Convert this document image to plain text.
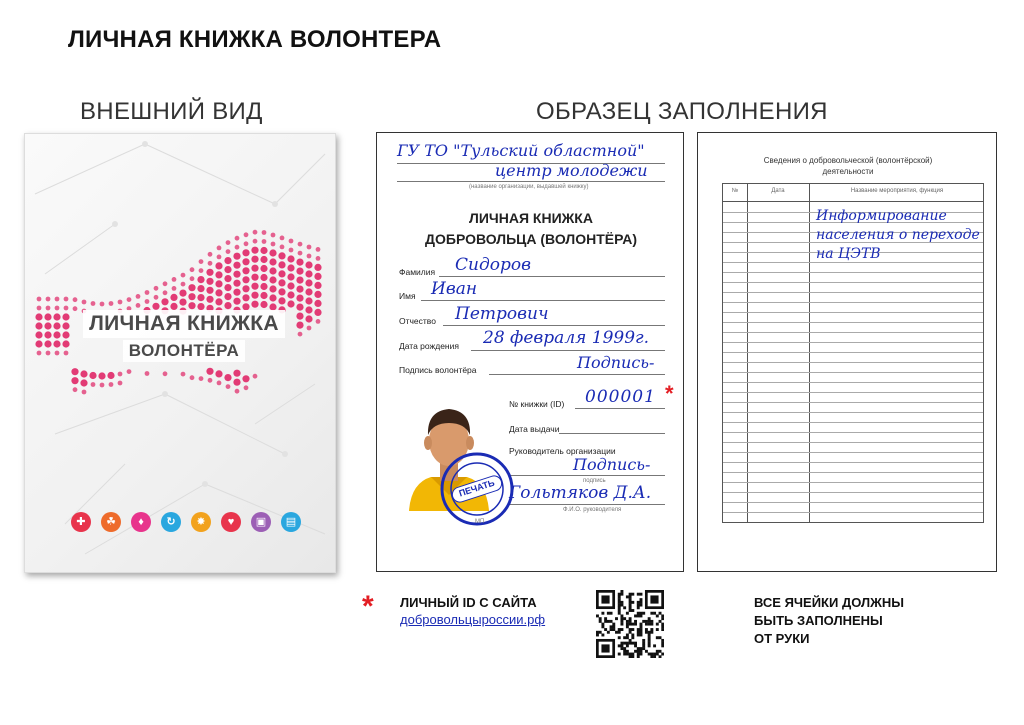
ЛИЧНАЯ КНИЖКА ВОЛОНТЕРА
ВНЕШНИЙ ВИД	ОБРАЗЕЦ ЗАПОЛНЕНИЯ
ЛИЧНАЯ КНИЖКА
ВОЛОНТЁРА
✚	☘	♦	↻	✸	♥	▣	▤
ГУ ТО "Тульский областной"
центр молодежи
(название организации, выдавшей книжку)
ЛИЧНАЯ КНИЖКА
ДОБРОВОЛЬЦА (ВОЛОНТЁРА)
Фамилия Сидоров
Имя Иван
Отчество Петрович
Дата рождения 28 февраля 1999г.
Подпись волонтёра	Подпись-
№ книжки (ID) 000001 *
Дата выдачи
Руководитель организации
Подпись-
подпись
Гольтяков Д.А.
Ф.И.О. руководителя
ПЕЧАТЬ
МП
Сведения о добровольческой (волонтёрской)
деятельности
№	Дата	Название мероприятия, функция
Информирование
населения о переходе
на ЦЭТВ
* ЛИЧНЫЙ ID С САЙТА
добровольцыроссии.рф
ВСЕ ЯЧЕЙКИ ДОЛЖНЫ
БЫТЬ ЗАПОЛНЕНЫ
ОТ РУКИ
